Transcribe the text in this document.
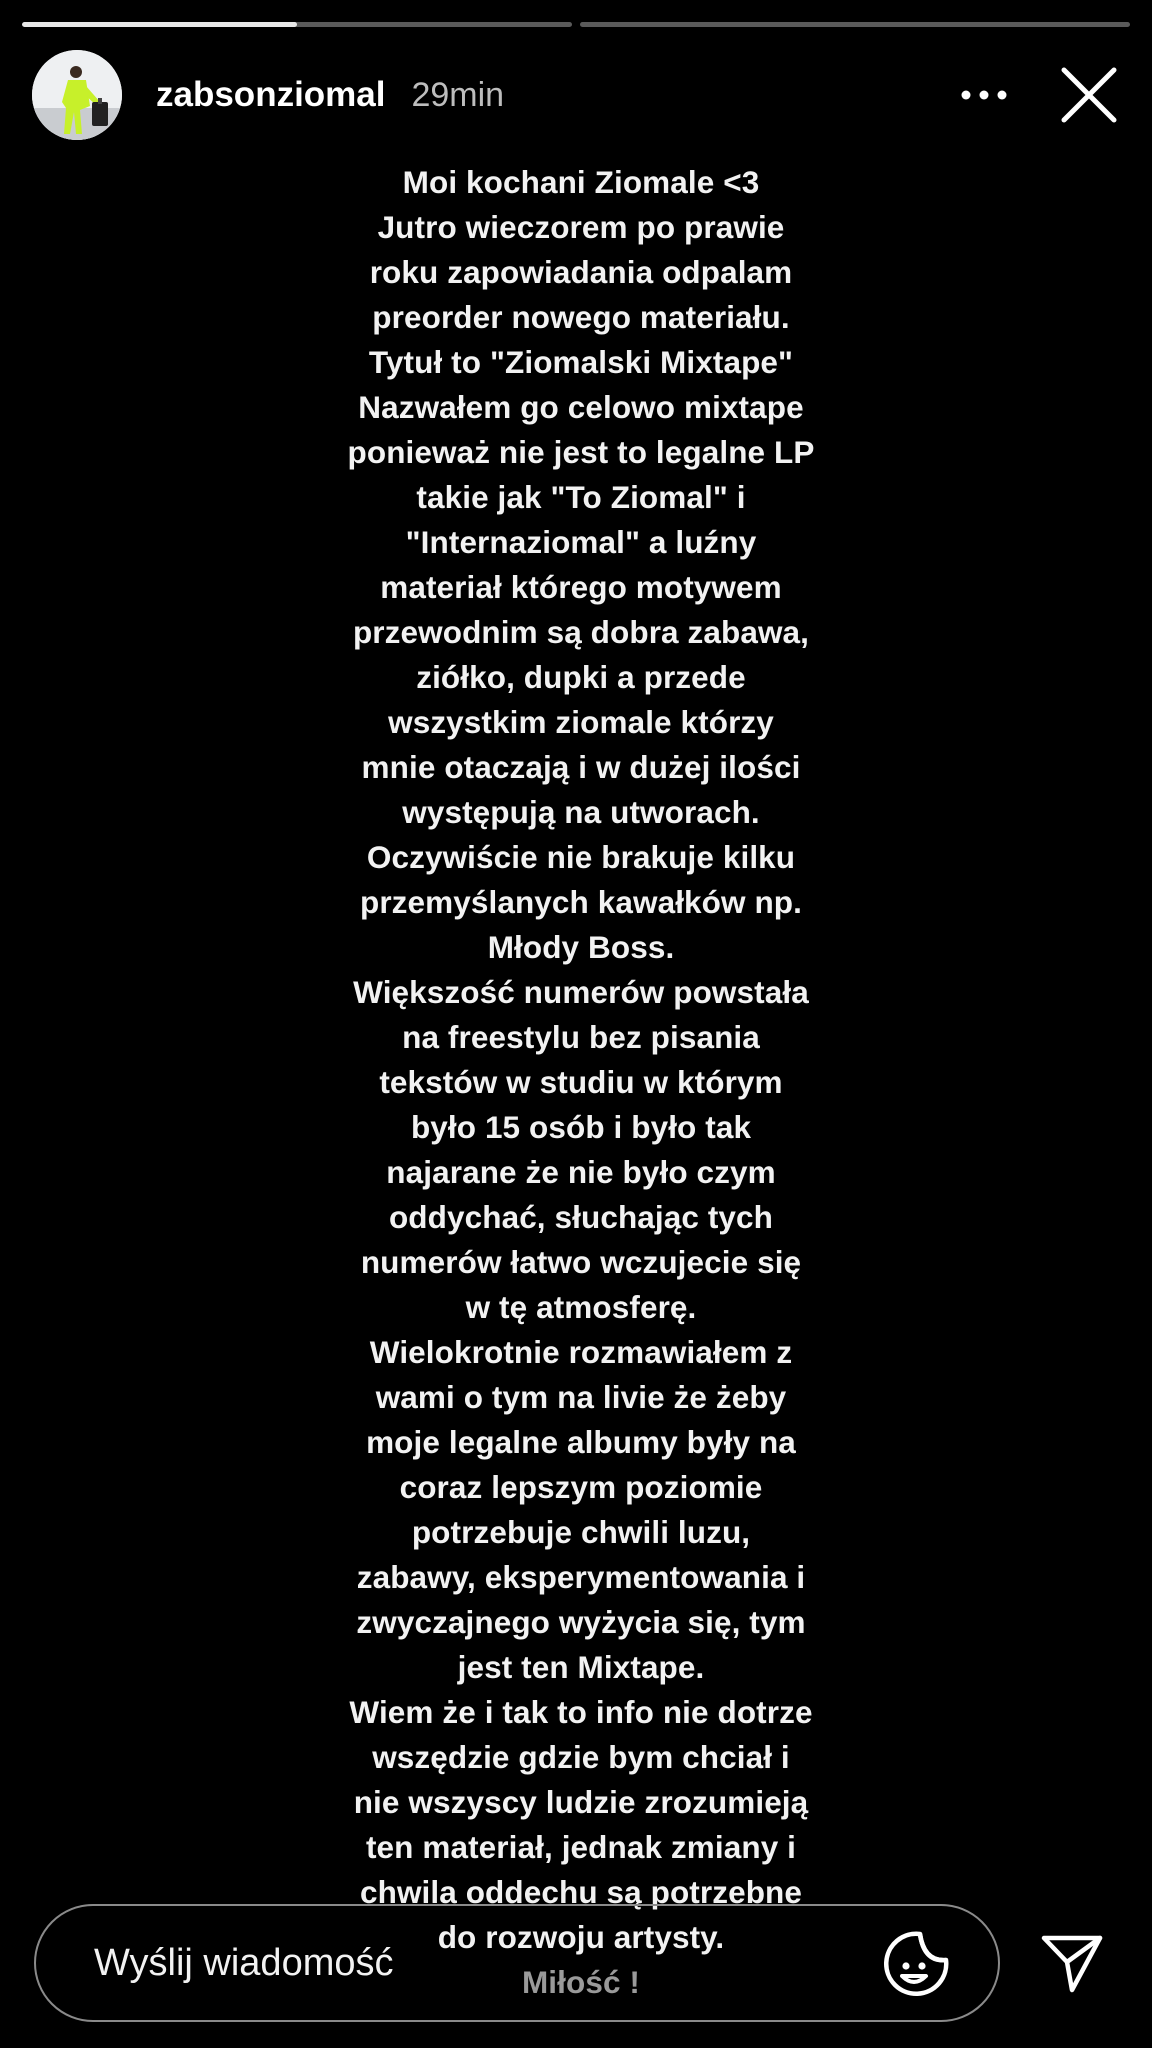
zabsonziomal 29min
Moi kochani Ziomale <3
Jutro wieczorem po prawie
roku zapowiadania odpalam
preorder nowego materiału.
Tytuł to "Ziomalski Mixtape"
Nazwałem go celowo mixtape
ponieważ nie jest to legalne LP
takie jak "To Ziomal" i
"Internaziomal" a luźny
materiał którego motywem
przewodnim są dobra zabawa,
ziółko, dupki a przede
wszystkim ziomale którzy
mnie otaczają i w dużej ilości
występują na utworach.
Oczywiście nie brakuje kilku
przemyślanych kawałków np.
Młody Boss.
Większość numerów powstała
na freestylu bez pisania
tekstów w studiu w którym
było 15 osób i było tak
najarane że nie było czym
oddychać, słuchając tych
numerów łatwo wczujecie się
w tę atmosferę.
Wielokrotnie rozmawiałem z
wami o tym na livie że żeby
moje legalne albumy były na
coraz lepszym poziomie
potrzebuje chwili luzu,
zabawy, eksperymentowania i
zwyczajnego wyżycia się, tym
jest ten Mixtape.
Wiem że i tak to info nie dotrze
wszędzie gdzie bym chciał i
nie wszyscy ludzie zrozumieją
ten materiał, jednak zmiany i
chwila oddechu są potrzebne
do rozwoju artysty.
Miłość !
Wyślij wiadomość
